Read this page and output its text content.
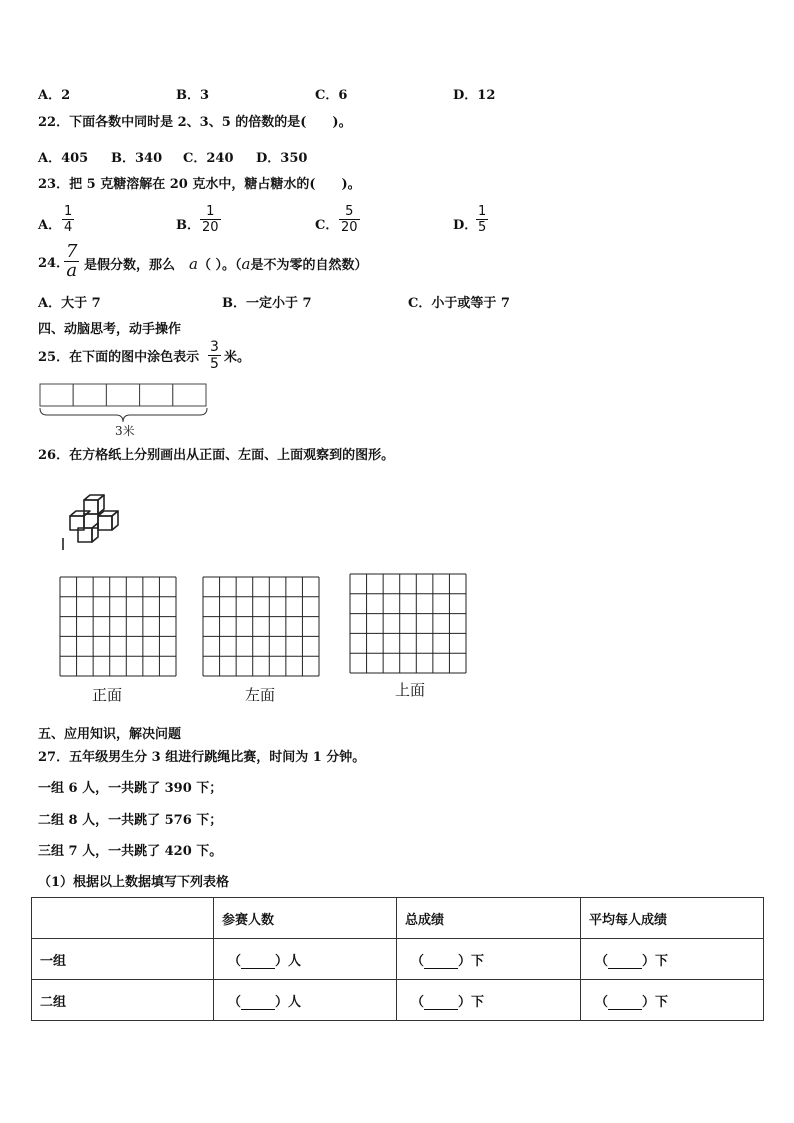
A．2	B．3	C．6	D．12
22．下面各数中同时是 2、3、5 的倍数的是(　　)。
A．405 B．340 C．240 D．350
23．把 5 克糖溶解在 20 克水中，糖占糖水的(　　)。
A．
1
4	B．
1
20	C．
5
20	D．
1
5
24．
7
a 是假分数，那么 a（ ）。（a是不为零的自然数）
A．大于 7	B．一定小于 7	C．小于或等于 7
四、动脑思考，动手操作
25．在下面的图中涂色表示
3
5 米。
3米
26．在方格纸上分别画出从正面、左面、上面观察到的图形。
正面	左面	上面
五、应用知识，解决问题
27．五年级男生分 3 组进行跳绳比赛，时间为 1 分钟。
一组 6 人，一共跳了 390 下；
二组 8 人，一共跳了 576 下；
三组 7 人，一共跳了 420 下。
（1）根据以上数据填写下列表格
	参赛人数	总成绩	平均每人成绩
一组	（ ）人	（ ）下	（ ）下
二组	（ ）人	（ ）下	（ ）下
